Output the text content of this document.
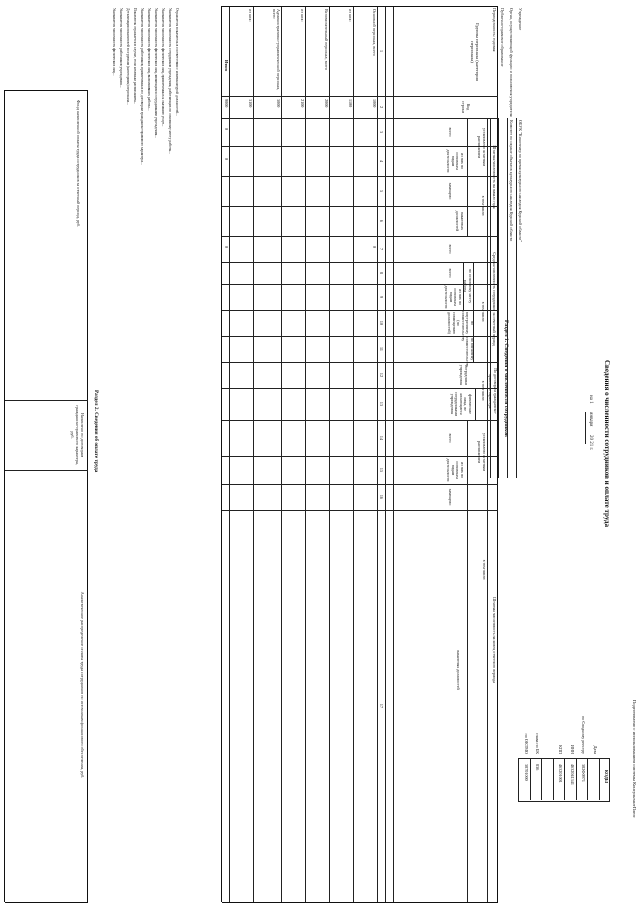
Подготовлено с использованием системы КонсультантПлюс
Сведения о численности сотрудников и оплате труда
на 1  января  20 21 г.
КОДЫ
Раздел 1. Сведения о численности сотрудников
Раздел 2. Сведения об оплате труда
Дата
по Сводному реестру
382Ф0971
ИНН
4632041341
КПП
463201001
глава по БК
836
по ОКТМО
38701000
Учреждение
ОБУК "Кинотеатр по время культурного наследия Курской области"
Орган, осуществляющий функции и полномочия учредителя
Комитет по охране объектов культурного наследия Курской области
Публично-правовое образование
Периодичность: годовая
Группы персонала (категория персонала)
Код строки
Штатная численность на начало года
установлено штатным расписанием
всего
из них по основным видам деятельности
в том числе:
замещено
вакантных должностей
Средняя численность сотрудников за отчетный период
всего
в том числе:
по основному месту работы
всего
из них по основным видам деятельности
по внутреннему совместительству (по совмещению должностей)
по внешнему совместительству
По договорам гражданско-правового характера
в том числе:
сотрудники учреждения
физические лица, не являющиеся сотрудниками учреждения
Штатная численность на конец отчетного периода
установлено штатным расписанием
всего
из них по основным видам деятельности
в том числе:
замещено
вакантных должностей
1
2
3
4
5
6
7
8
9
10
11
12
13
14
15
16
17
Основной персонал, всего
1000
0
из них:
1100
Вспомогательный персонал, всего
2000
из них:
2100
Административно-управленческий персонал, всего
3000
из них:
3100
Итого
9000
0
0
0
Отражается показатель в соответствии с номенклатурой должностей...
Указывается численность сотрудников учреждения, работающих по основному месту работы...
Указывается численность физических лиц, привлеченных к оказанию услуг...
Указывается численность физических лиц, являющихся сотрудниками учреждения...
Указывается численность физических лиц, выполнявших работы...
Указывается численность работников, привлеченных по договорам гражданско-правового характера...
Показатель отражается в случае, если штатным расписанием...
Детализация показателей по группам (категориям) персонала...
Указывается численность работников учреждения...
Указывается численность физических лиц...
Фонд начисленной оплаты труда сотрудников за отчетный период, руб.
Начислено по договорам гражданско-правового характера, руб.
Аналитическое распределение оплаты труда сотрудников по источникам финансового обеспечения, руб.
